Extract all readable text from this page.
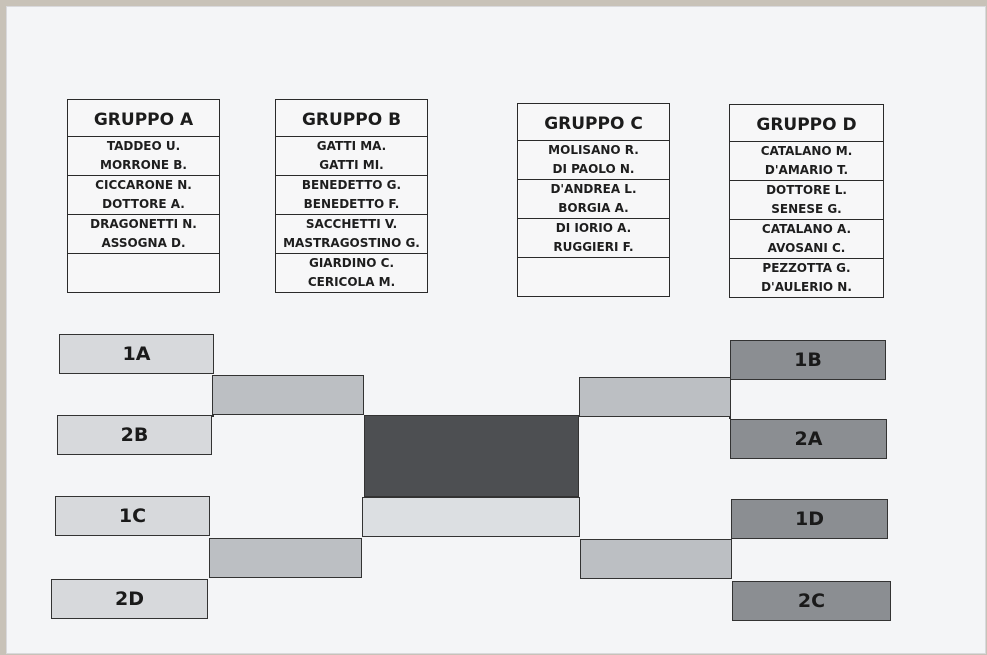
GRUPPO A
TADDEO U.
MORRONE B.
CICCARONE N.
DOTTORE A.
DRAGONETTI N.
ASSOGNA D.
GRUPPO B
GATTI MA.
GATTI MI.
BENEDETTO G.
BENEDETTO F.
SACCHETTI V.
MASTRAGOSTINO G.
GIARDINO C.
CERICOLA M.
GRUPPO C
MOLISANO R.
DI PAOLO N.
D'ANDREA L.
BORGIA A.
DI IORIO A.
RUGGIERI F.
GRUPPO D
CATALANO M.
D'AMARIO T.
DOTTORE L.
SENESE G.
CATALANO A.
AVOSANI C.
PEZZOTTA G.
D'AULERIO N.
1A
2B
1C
2D
1B
2A
1D
2C
